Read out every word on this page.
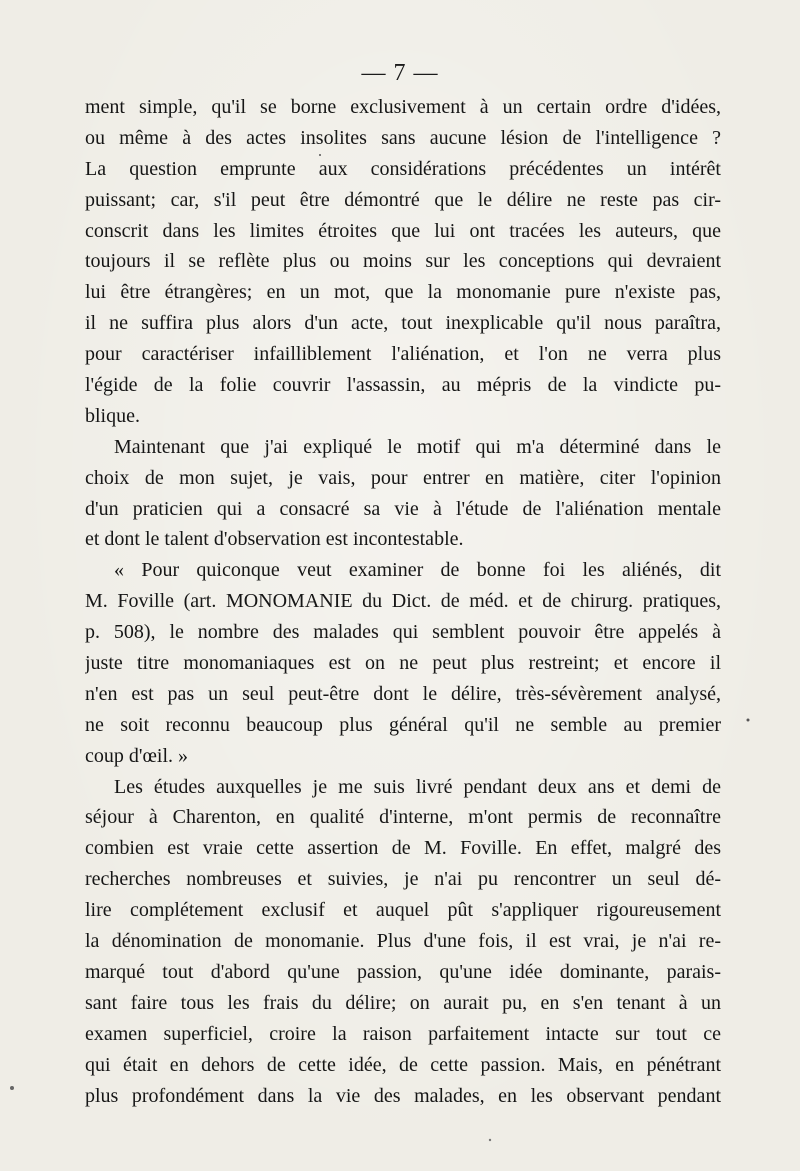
— 7 —
ment simple, qu'il se borne exclusivement à un certain ordre d'idées,
ou même à des actes insolites sans aucune lésion de l'intelligence ?
La question emprunte aux considérations précédentes un intérêt
puissant; car, s'il peut être démontré que le délire ne reste pas cir-
conscrit dans les limites étroites que lui ont tracées les auteurs, que
toujours il se reflète plus ou moins sur les conceptions qui devraient
lui être étrangères; en un mot, que la monomanie pure n'existe pas,
il ne suffira plus alors d'un acte, tout inexplicable qu'il nous paraîtra,
pour caractériser infailliblement l'aliénation, et l'on ne verra plus
l'égide de la folie couvrir l'assassin, au mépris de la vindicte pu-
blique.
Maintenant que j'ai expliqué le motif qui m'a déterminé dans le
choix de mon sujet, je vais, pour entrer en matière, citer l'opinion
d'un praticien qui a consacré sa vie à l'étude de l'aliénation mentale
et dont le talent d'observation est incontestable.
« Pour quiconque veut examiner de bonne foi les aliénés, dit
M. Foville (art. MONOMANIE du Dict. de méd. et de chirurg. pratiques,
p. 508), le nombre des malades qui semblent pouvoir être appelés à
juste titre monomaniaques est on ne peut plus restreint; et encore il
n'en est pas un seul peut-être dont le délire, très-sévèrement analysé,
ne soit reconnu beaucoup plus général qu'il ne semble au premier
coup d'œil. »
Les études auxquelles je me suis livré pendant deux ans et demi de
séjour à Charenton, en qualité d'interne, m'ont permis de reconnaître
combien est vraie cette assertion de M. Foville. En effet, malgré des
recherches nombreuses et suivies, je n'ai pu rencontrer un seul dé-
lire complétement exclusif et auquel pût s'appliquer rigoureusement
la dénomination de monomanie. Plus d'une fois, il est vrai, je n'ai re-
marqué tout d'abord qu'une passion, qu'une idée dominante, parais-
sant faire tous les frais du délire; on aurait pu, en s'en tenant à un
examen superficiel, croire la raison parfaitement intacte sur tout ce
qui était en dehors de cette idée, de cette passion. Mais, en pénétrant
plus profondément dans la vie des malades, en les observant pendant
